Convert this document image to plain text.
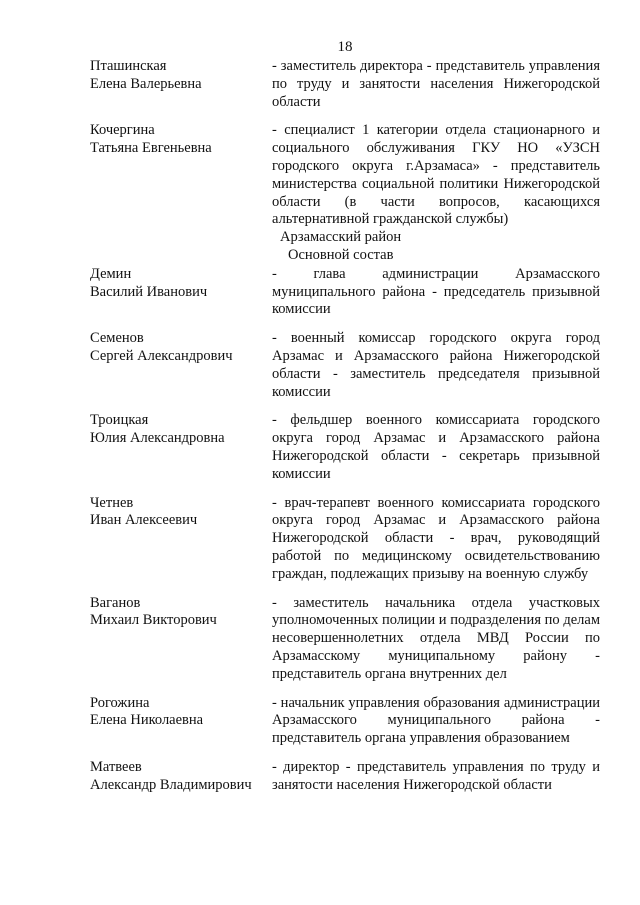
18
Пташинская
Елена Валерьевна
- заместитель директора - представитель управления по труду и занятости населения Нижегородской области
Кочергина
Татьяна Евгеньевна
- специалист 1 категории отдела стационарного и социального обслуживания ГКУ НО «УЗСН городского округа г.Арзамаса» - представитель министерства социальной политики Нижегородской области (в части вопросов, касающихся альтернативной гражданской службы)
Арзамасский район
Основной состав
Демин
Василий Иванович
- глава администрации Арзамасского муниципального района - председатель призывной комиссии
Семенов
Сергей Александрович
- военный комиссар городского округа город Арзамас и Арзамасского района Нижегородской области - заместитель председателя призывной комиссии
Троицкая
Юлия Александровна
- фельдшер военного комиссариата городского округа город Арзамас и Арзамасского района Нижегородской области - секретарь призывной комиссии
Четнев
Иван Алексеевич
- врач-терапевт военного комиссариата городского округа город Арзамас и Арзамасского района Нижегородской области - врач, руководящий работой по медицинскому освидетельствованию граждан, подлежащих призыву на военную службу
Ваганов
Михаил Викторович
- заместитель начальника отдела участковых уполномоченных полиции и подразделения по делам несовершеннолетних отдела МВД России по Арзамасскому муниципальному району - представитель органа внутренних дел
Рогожина
Елена Николаевна
- начальник управления образования администрации Арзамасского муниципального района - представитель органа управления образованием
Матвеев
Александр Владимирович
- директор - представитель управления по труду и занятости населения Нижегородской области
